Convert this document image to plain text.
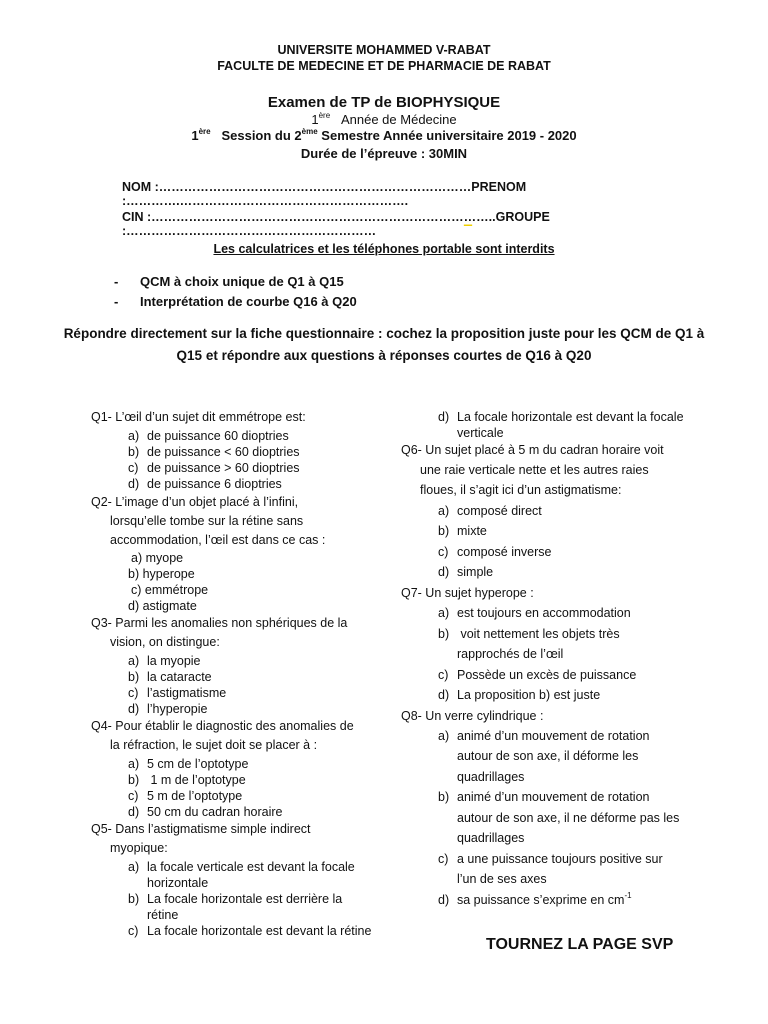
UNIVERSITE MOHAMMED V-RABAT
FACULTE DE MEDECINE ET DE PHARMACIE DE RABAT
Examen de TP de BIOPHYSIQUE
1ère Année de Médecine
1ère Session du 2ème Semestre Année universitaire 2019 - 2020
Durée de l’épreuve : 30MIN
NOM :…………………………………………………………………PRENOM :………….……………………………………………….
CIN :………………………………………………………………………..GROUPE :……………………………………………………	‾
Les calculatrices et les téléphones portable sont interdits
- QCM à choix unique de Q1 à Q15
- Interprétation de courbe Q16 à Q20
Répondre directement sur la fiche questionnaire : cochez la proposition juste pour les QCM de Q1 à
Q15 et répondre aux questions à réponses courtes de Q16 à Q20
Q1- L’œil d’un sujet dit emmétrope est:
a) de puissance 60 dioptries
b) de puissance < 60 dioptries
c) de puissance > 60 dioptries
d) de puissance 6 dioptries
Q2- L’image d’un objet placé à l’infini,
lorsqu’elle tombe sur la rétine sans
accommodation, l’œil est dans ce cas :
a) myope
b) hyperope
c) emmétrope
d) astigmate
Q3- Parmi les anomalies non sphériques de la
vision, on distingue:
a) la myopie
b) la cataracte
c) l’astigmatisme
d) l’hyperopie
Q4- Pour établir le diagnostic des anomalies de
la réfraction, le sujet doit se placer à :
a) 5 cm de l’optotype
b) 1 m de l’optotype
c) 5 m de l’optotype
d) 50 cm du cadran horaire
Q5- Dans l’astigmatisme simple indirect
myopique:
a) la focale verticale est devant la focale
horizontale
b) La focale horizontale est derrière la
rétine
c) La focale horizontale est devant la rétine
d) La focale horizontale est devant la focale
verticale
Q6- Un sujet placé à 5 m du cadran horaire voit
une raie verticale nette et les autres raies
floues, il s’agit ici d’un astigmatisme:
a) composé direct
b) mixte
c) composé inverse
d) simple
Q7- Un sujet hyperope :
a) est toujours en accommodation
b) voit nettement les objets très
rapprochés de l’œil
c) Possède un excès de puissance
d) La proposition b) est juste
Q8- Un verre cylindrique :
a) animé d’un mouvement de rotation
autour de son axe, il déforme les
quadrillages
b) animé d’un mouvement de rotation
autour de son axe, il ne déforme pas les
quadrillages
c) a une puissance toujours positive sur
l’un de ses axes
d) sa puissance s’exprime en $cm^{-1}$
TOURNEZ LA PAGE SVP
